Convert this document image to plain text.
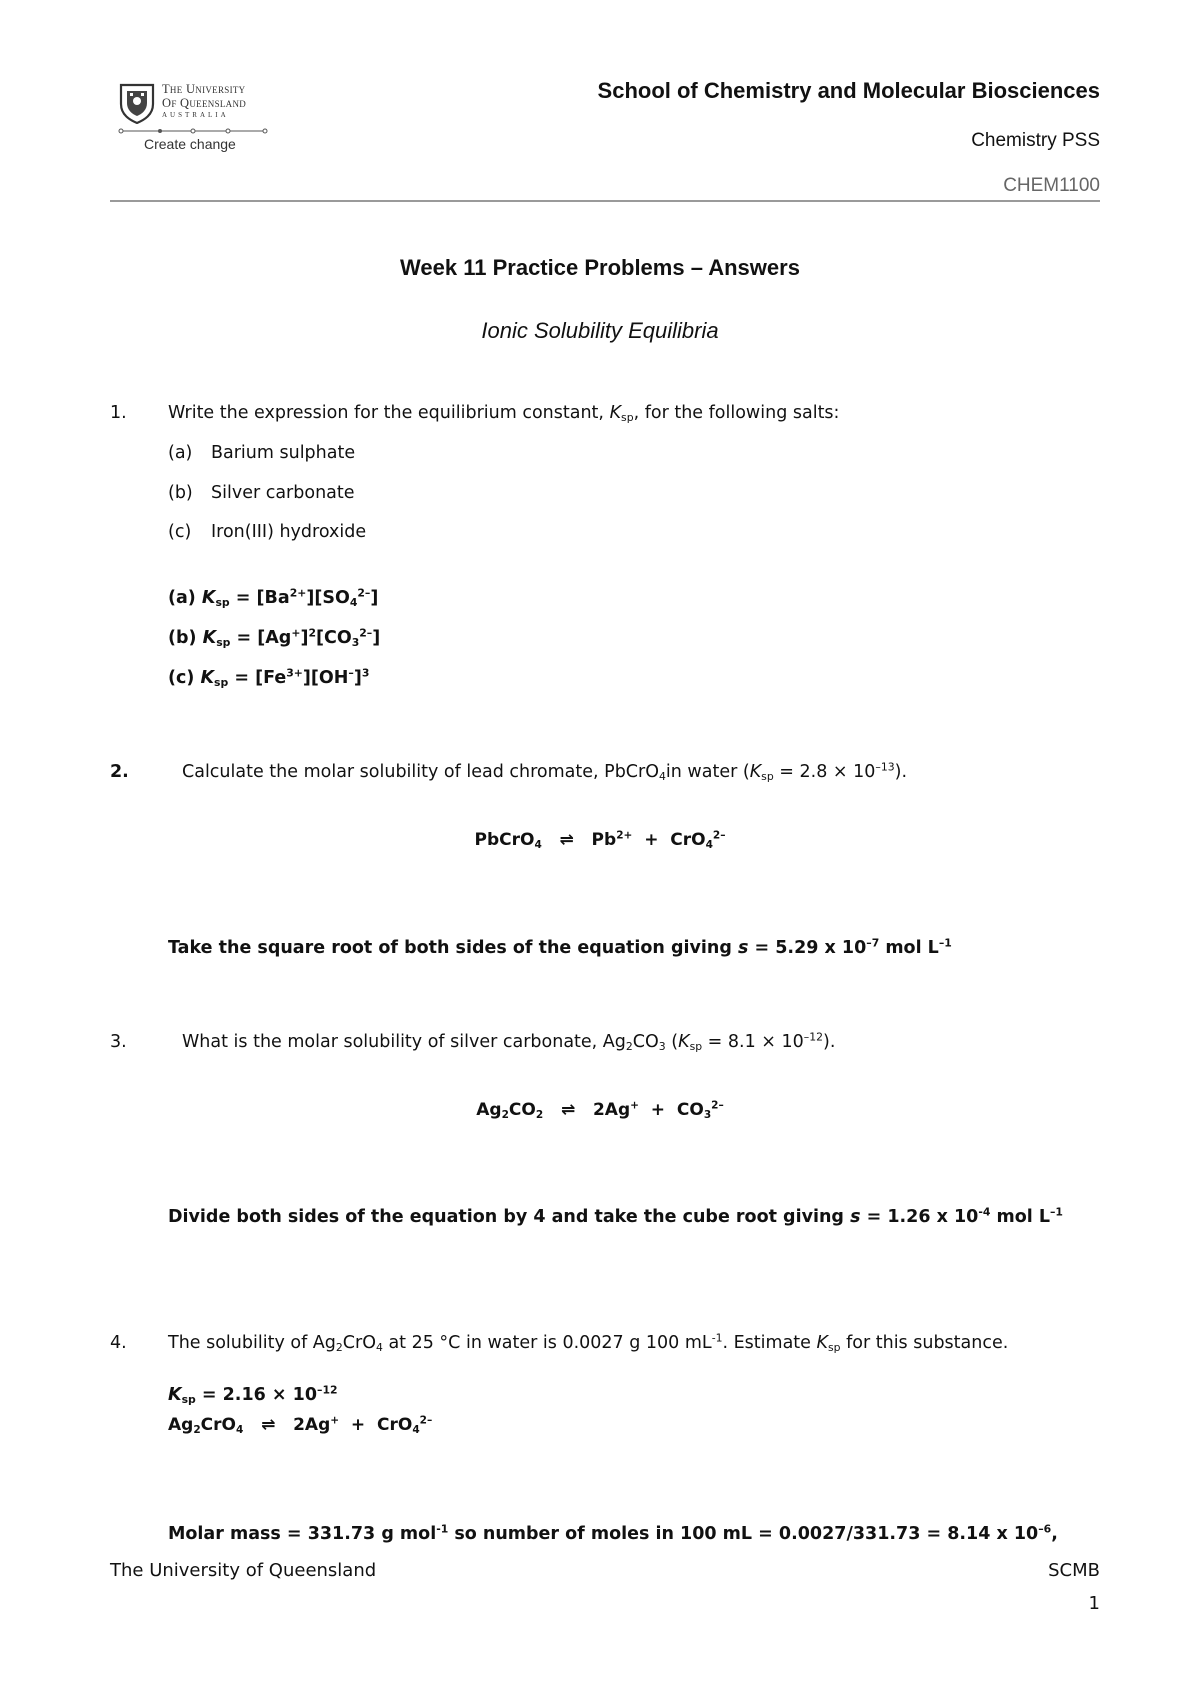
The University
Of Queensland
AUSTRALIA
Create change
School of Chemistry and Molecular Biosciences
Chemistry PSS
CHEM1100
Week 11 Practice Problems – Answers
Ionic Solubility Equilibria
1. Write the expression for the equilibrium constant, $K_{sp}$, for the following salts:
(a) Barium sulphate
(b) Silver carbonate
(c) Iron(III) hydroxide
(a) $K_{sp} = [Ba^{2+}][SO_4^{2-}]$
(b) $K_{sp} = [Ag^+]^2[CO_3^{2-}]$
(c) $K_{sp} = [Fe^{3+}][OH^-]^3$
2.	Calculate the molar solubility of lead chromate, PbCrO$_4$in water $(K_{sp} = 2.8 \times 10^{-13})$.
PbCrO$_4$ ⇌ $Pb^{2+} + CrO_4^{2-}$
Take the square root of both sides of the equation giving s = 5.29 x $10^{-7}$ mol $L^{-1}$
3.	What is the molar solubility of silver carbonate, $Ag_2CO_3$ $(K_{sp} = 8.1 \times 10^{-12})$.
$Ag_2CO_2$ ⇌ $2Ag^+ + CO_3^{2-}$
Divide both sides of the equation by 4 and take the cube root giving s = 1.26 x $10^{-4}$ mol $L^{-1}$
4. The solubility of $Ag_2CrO_4$ at 25 °C in water is 0.0027 g 100 $mL^{-1}$. Estimate $K_{sp}$ for this substance.
$K_{sp} = 2.16 \times 10^{-12}$
$Ag_2CrO_4$ ⇌ 2Ag+ + CrO$_4^{2-}$
Molar mass = 331.73 g mol$^{-1}$ so number of moles in 100 mL = 0.0027/331.73 = 8.14 x $10^{-6}$,
The University of Queensland	SCMB
1
